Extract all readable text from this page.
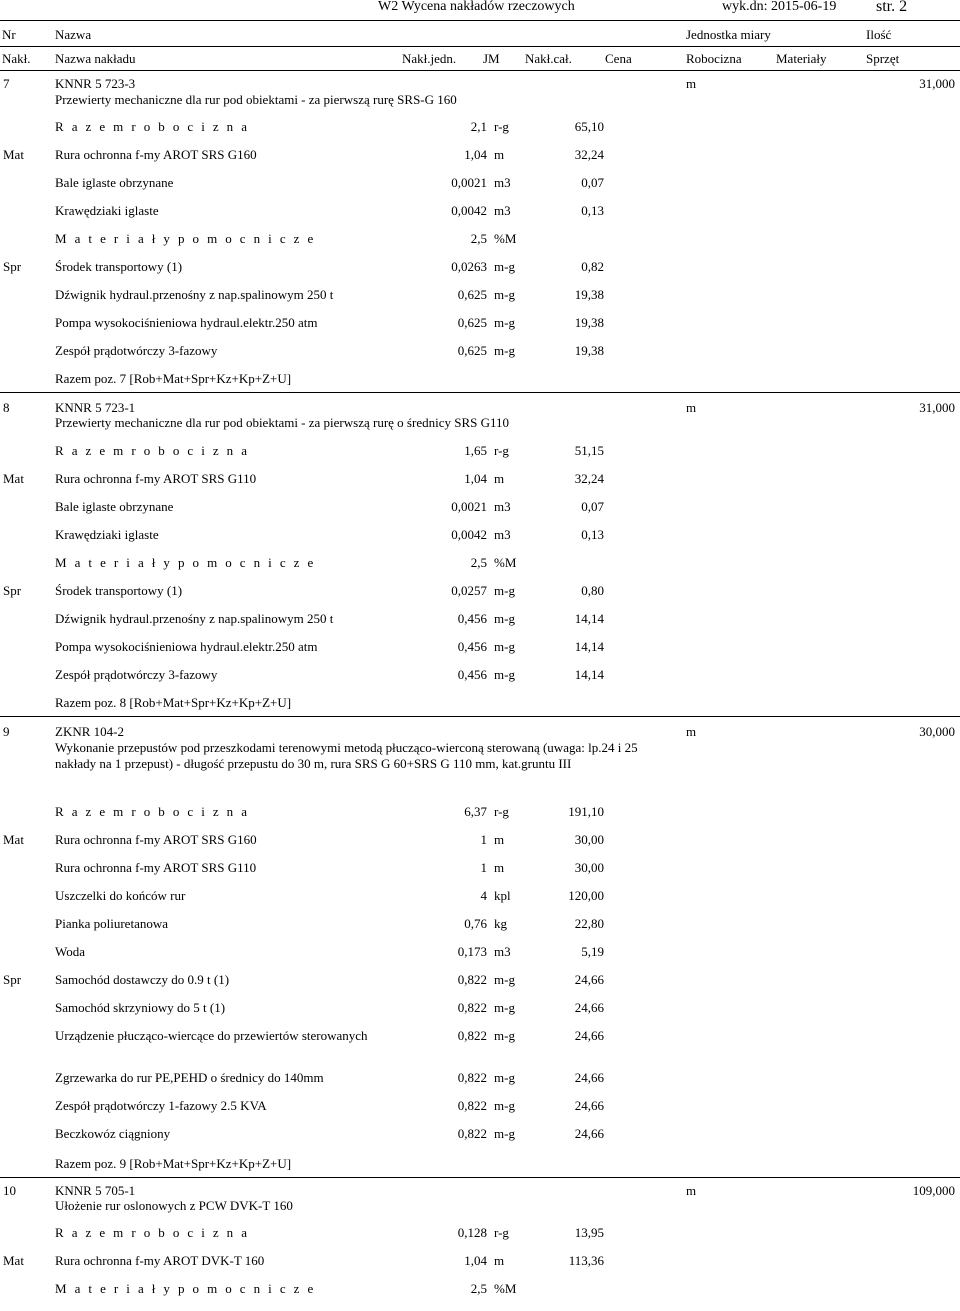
W2 Wycena nakładów rzeczowych	wyk.dn: 2015-06-19 str. 2
Nr	Nazwa	Jednostka miary	Ilość
Nakł. Nazwa nakładu	Nakł.jedn. JM Nakł.cał.	Cena	Robocizna	Materiały	Sprzęt
7	KNNR 5 723-3	m	31,000
Przewierty mechaniczne dla rur pod obiektami - za pierwszą rurę SRS-G 160
R a z e m r o b o c i z n a	2,1 r-g	65,10
Mat Rura ochronna f-my AROT SRS G160	1,04 m	32,24
Bale iglaste obrzynane	0,0021 m3	0,07
Krawędziaki iglaste	0,0042 m3	0,13
M a t e r i a ł y p o m o c n i c z e	2,5 %M
Spr	Środek transportowy (1)	0,0263 m-g	0,82
Dźwignik hydraul.przenośny z nap.spalinowym 250 t	0,625 m-g	19,38
Pompa wysokociśnieniowa hydraul.elektr.250 atm	0,625 m-g	19,38
Zespół prądotwórczy 3-fazowy	0,625 m-g	19,38
Razem poz. 7 [Rob+Mat+Spr+Kz+Kp+Z+U]
8	KNNR 5 723-1	m	31,000
Przewierty mechaniczne dla rur pod obiektami - za pierwszą rurę o średnicy SRS G110
R a z e m r o b o c i z n a	1,65 r-g	51,15
Mat Rura ochronna f-my AROT SRS G110	1,04 m	32,24
Bale iglaste obrzynane	0,0021 m3	0,07
Krawędziaki iglaste	0,0042 m3	0,13
M a t e r i a ł y p o m o c n i c z e	2,5 %M
Spr	Środek transportowy (1)	0,0257 m-g	0,80
Dźwignik hydraul.przenośny z nap.spalinowym 250 t	0,456 m-g	14,14
Pompa wysokociśnieniowa hydraul.elektr.250 atm	0,456 m-g	14,14
Zespół prądotwórczy 3-fazowy	0,456 m-g	14,14
Razem poz. 8 [Rob+Mat+Spr+Kz+Kp+Z+U]
9	ZKNR 104-2	m	30,000
Wykonanie przepustów pod przeszkodami terenowymi metodą płucząco-wierconą sterowaną (uwaga: lp.24 i 25
nakłady na 1 przepust) - długość przepustu do 30 m, rura SRS G 60+SRS G 110 mm, kat.gruntu III
R a z e m r o b o c i z n a	6,37 r-g	191,10
Mat Rura ochronna f-my AROT SRS G160	1 m	30,00
Rura ochronna f-my AROT SRS G110	1 m	30,00
Uszczelki do końców rur	4 kpl	120,00
Pianka poliuretanowa	0,76 kg	22,80
Woda	0,173 m3	5,19
Spr	Samochód dostawczy do 0.9 t (1)	0,822 m-g	24,66
Samochód skrzyniowy do 5 t (1)	0,822 m-g	24,66
Urządzenie płucząco-wiercące do przewiertów sterowanych	0,822 m-g	24,66
Zgrzewarka do rur PE,PEHD o średnicy do 140mm	0,822 m-g	24,66
Zespół prądotwórczy 1-fazowy 2.5 KVA	0,822 m-g	24,66
Beczkowóz ciągniony	0,822 m-g	24,66
Razem poz. 9 [Rob+Mat+Spr+Kz+Kp+Z+U]
10	KNNR 5 705-1	m	109,000
Ułożenie rur oslonowych z PCW DVK-T 160
R a z e m r o b o c i z n a	0,128 r-g	13,95
Mat Rura ochronna f-my AROT DVK-T 160	1,04 m	113,36
M a t e r i a ł y p o m o c n i c z e	2,5 %M
